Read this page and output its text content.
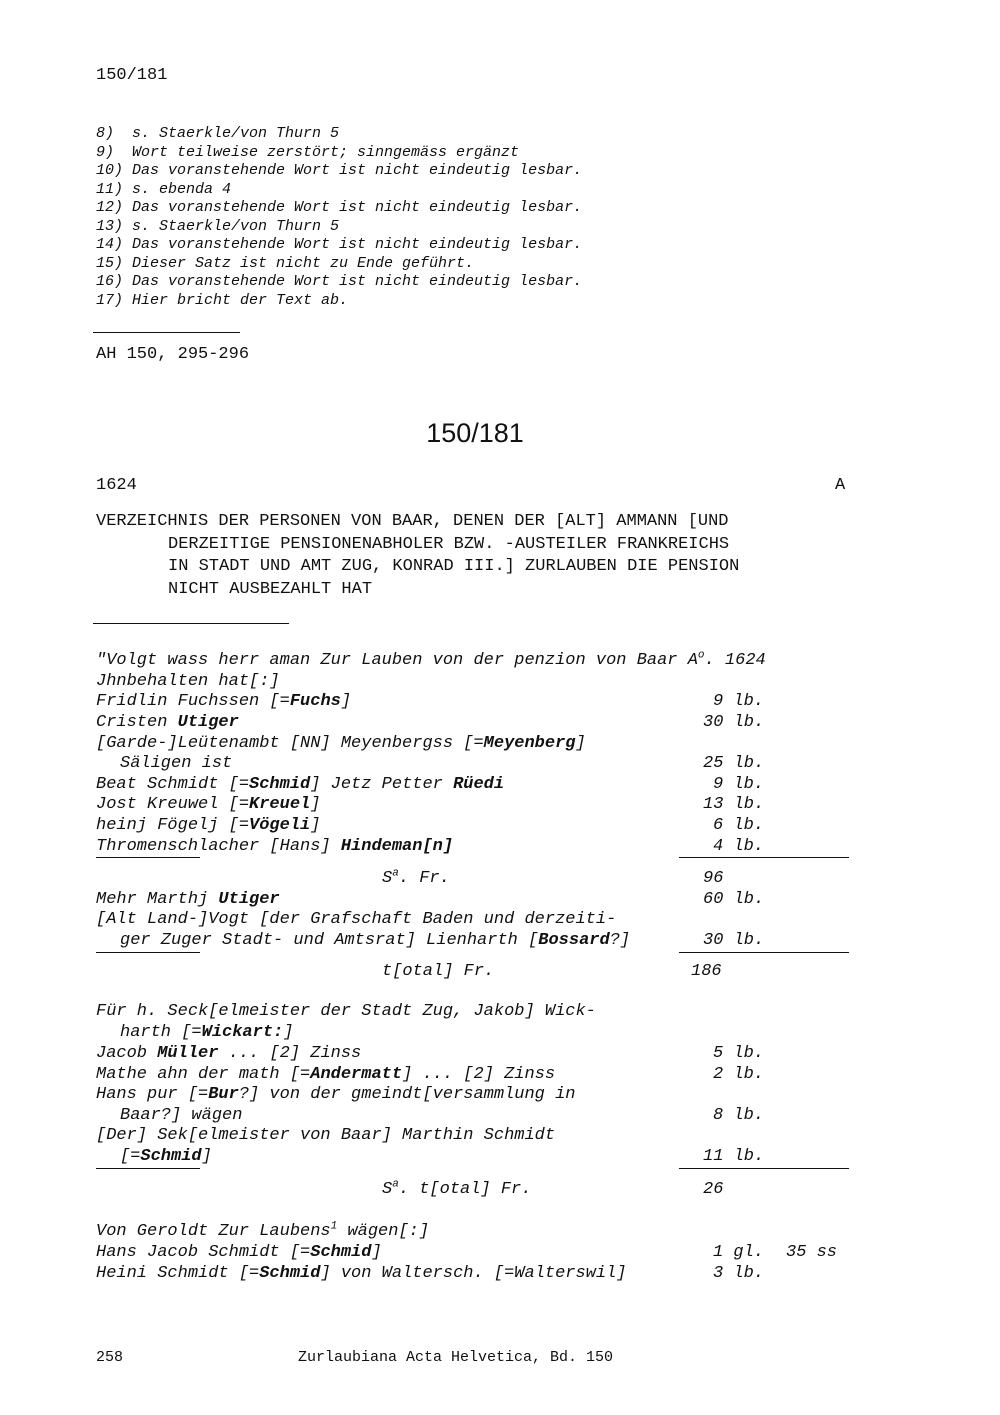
150/181
8)	s. Staerkle/von Thurn 5
9)	Wort teilweise zerstört; sinngemäss ergänzt
10) Das voranstehende Wort ist nicht eindeutig lesbar.
11) s. ebenda 4
12) Das voranstehende Wort ist nicht eindeutig lesbar.
13) s. Staerkle/von Thurn 5
14) Das voranstehende Wort ist nicht eindeutig lesbar.
15) Dieser Satz ist nicht zu Ende geführt.
16) Das voranstehende Wort ist nicht eindeutig lesbar.
17) Hier bricht der Text ab.
AH 150, 295-296
150/181
1624	A
VERZEICHNIS DER PERSONEN VON BAAR, DENEN DER [ALT] AMMANN [UND
DERZEITIGE PENSIONENABHOLER BZW. -AUSTEILER FRANKREICHS
IN STADT UND AMT ZUG, KONRAD III.] ZURLAUBEN DIE PENSION
NICHT AUSBEZAHLT HAT
"Volgt wass herr aman Zur Lauben von der penzion von Baar $A^o$. 1624
Jhnbehalten hat[:]
Fridlin Fuchssen [=Fuchs]	9 lb.
Cristen Utiger	30 lb.
[Garde-]Leütenambt [NN] Meyenbergss [=Meyenberg]
Säligen ist	25 lb.
Beat Schmidt [=Schmid] Jetz Petter Rüedi	9 lb.
Jost Kreuwel [=Kreuel]	13 lb.
heinj Fögelj [=Vögeli]	6 lb.
Thromenschlacher [Hans] Hindeman[n]	4 lb.
$S^a$. Fr.	96
Mehr Marthj Utiger	60 lb.
[Alt Land-]Vogt [der Grafschaft Baden und derzeiti-
ger Zuger Stadt- und Amtsrat] Lienharth [Bossard?]	30 lb.
t[otal] Fr.	186
Für h. Seck[elmeister der Stadt Zug, Jakob] Wick-
harth [=Wickart:]
Jacob Müller ... [2] Zinss	5 lb.
Mathe ahn der math [=Andermatt] ... [2] Zinss	2 lb.
Hans pur [=Bur?] von der gmeindt[versammlung in
Baar?] wägen	8 lb.
[Der] Sek[elmeister von Baar] Marthin Schmidt
[=Schmid]	11 lb.
$S^a$. t[otal] Fr.	26
Von Geroldt Zur Laubens$^1$ wägen[:]
Hans Jacob Schmidt [=Schmid]	1 gl. 35 ss
Heini Schmidt [=Schmid] von Waltersch. [=Walterswil]	3 lb.
258	Zurlaubiana Acta Helvetica, Bd. 150
